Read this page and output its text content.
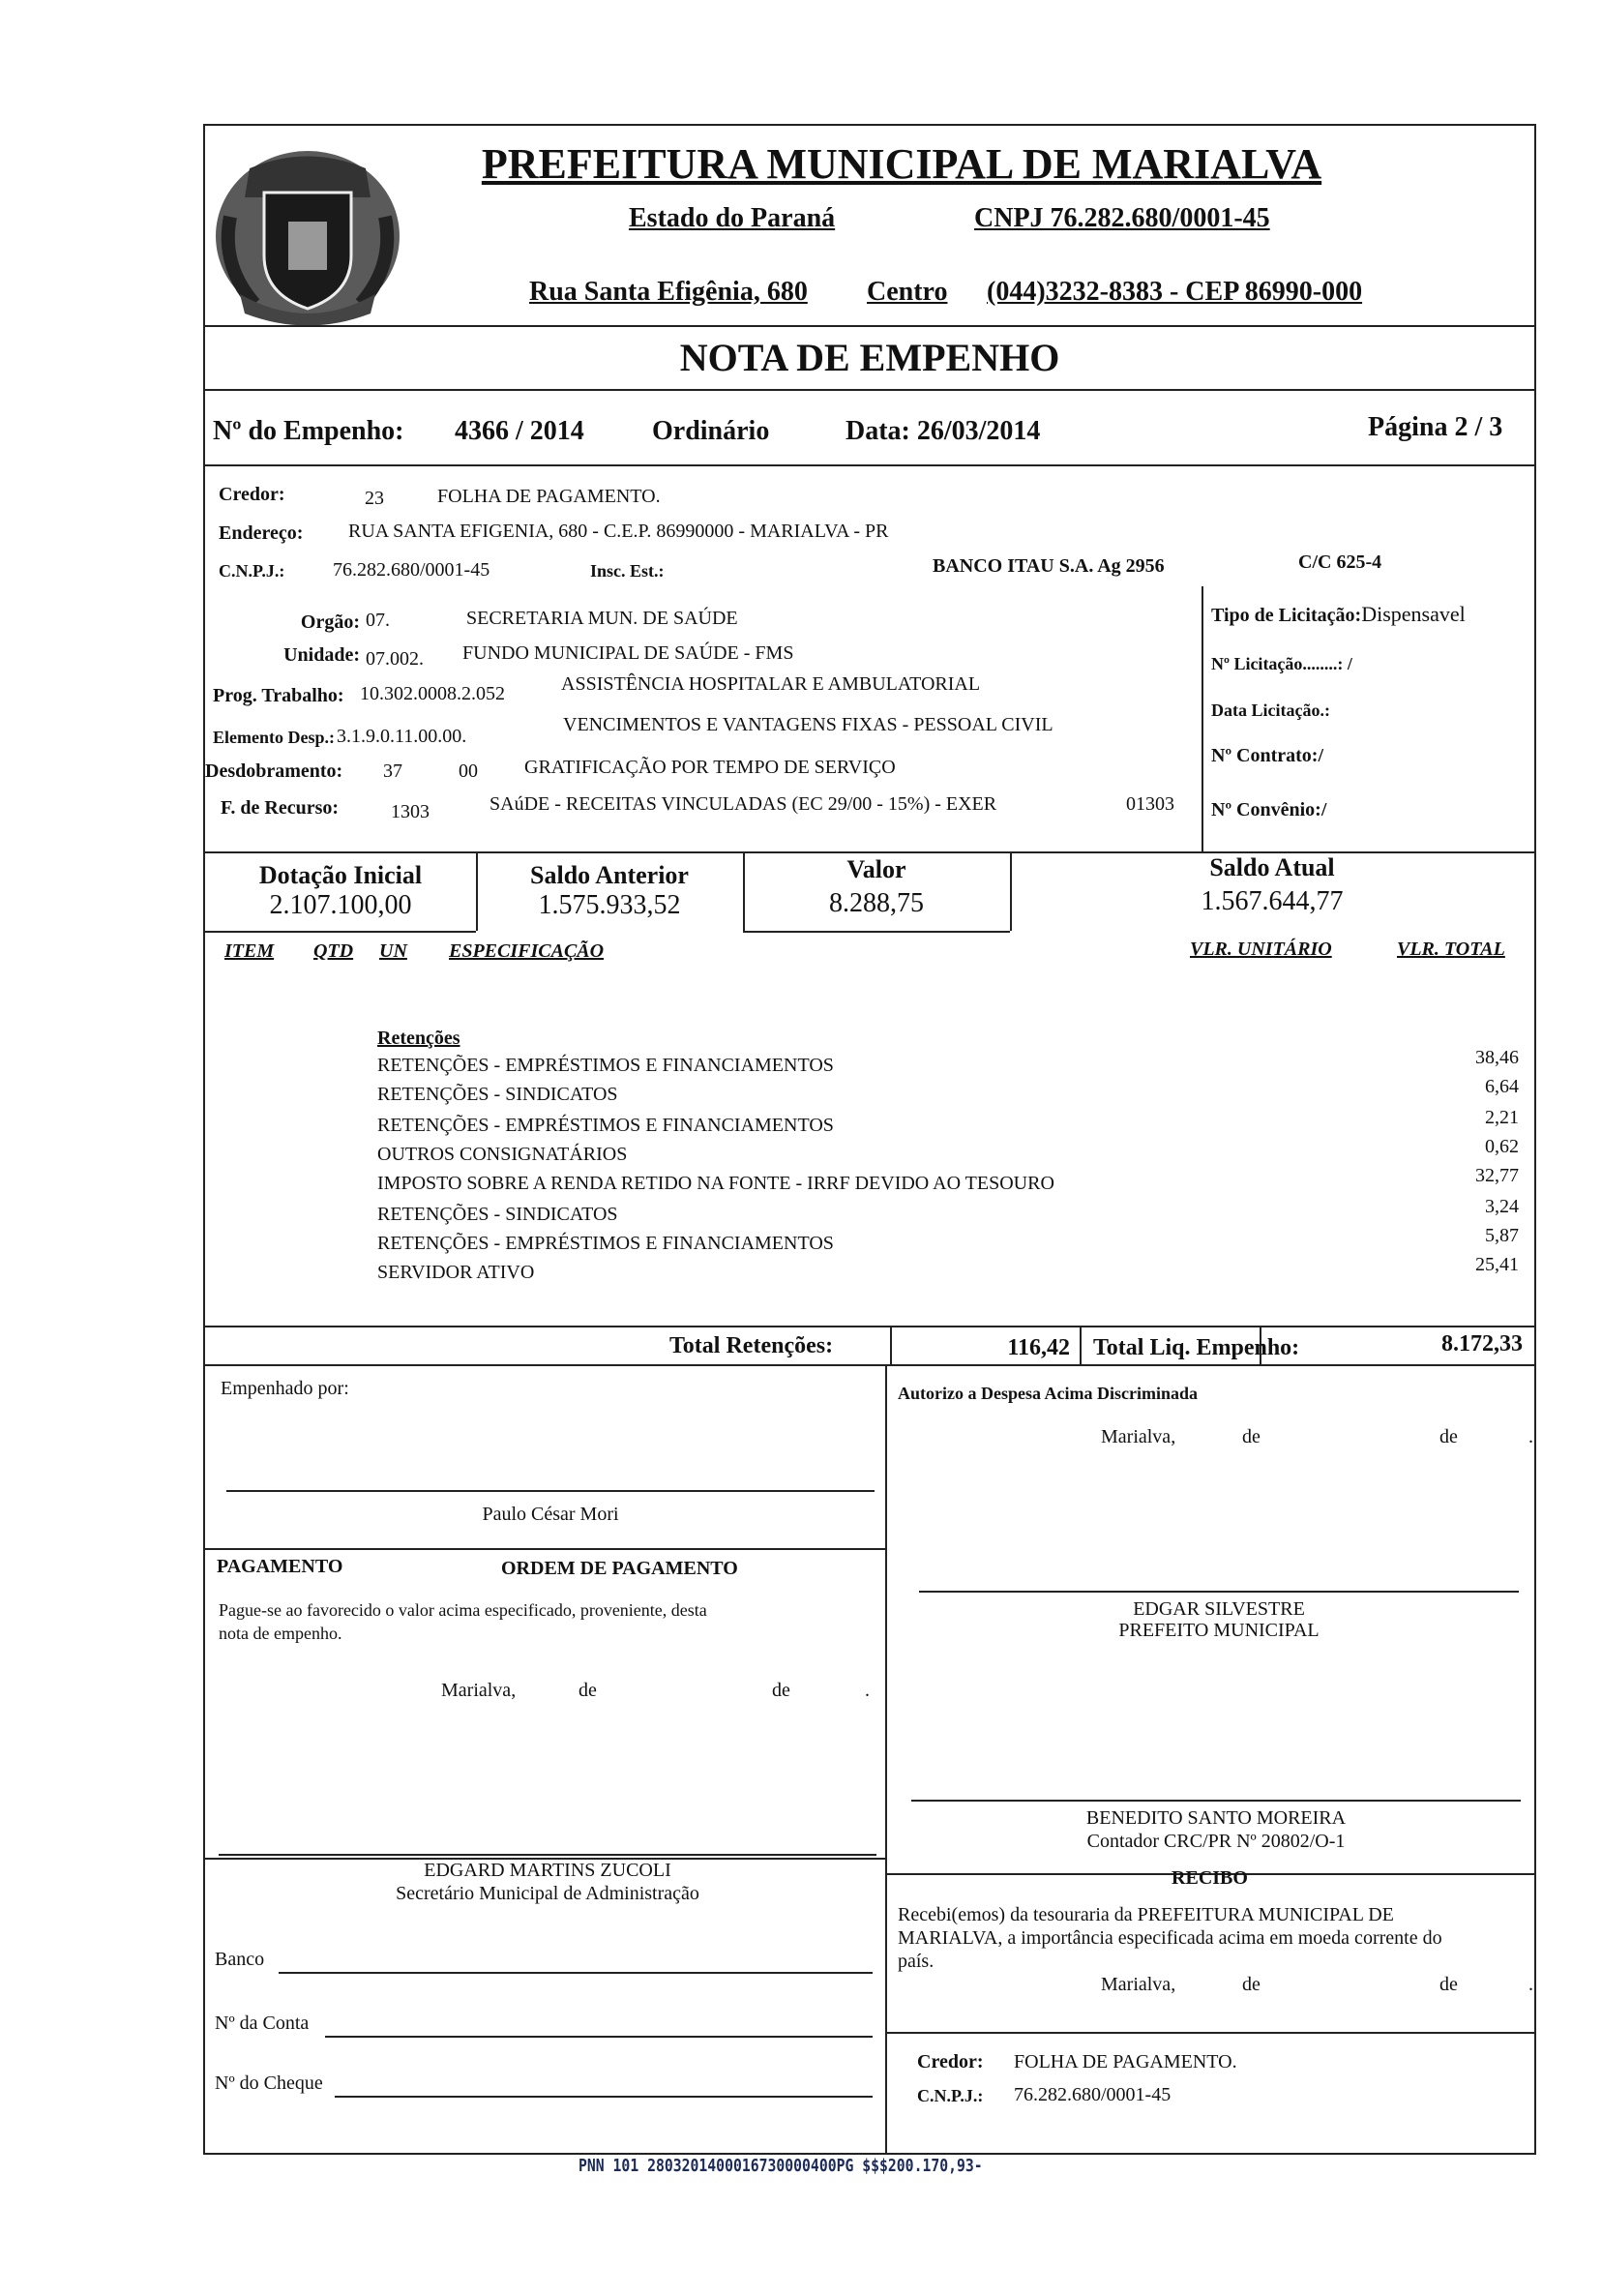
PREFEITURA MUNICIPAL DE MARIALVA
Estado do Paraná	CNPJ 76.282.680/0001-45
Rua Santa Efigênia, 680 Centro (044)3232-8383 - CEP 86990-000
NOTA DE EMPENHO
Nº do Empenho: 4366 / 2014	Ordinário	Data: 26/03/2014	Página 2 / 3
Credor:	23	FOLHA DE PAGAMENTO.
Endereço: RUA SANTA EFIGENIA, 680 - C.E.P. 86990000 - MARIALVA - PR
C.N.P.J.: 76.282.680/0001-45	Insc. Est.:	BANCO ITAU S.A. Ag 2956	C/C 625-4
Orgão: 07.	SECRETARIA MUN. DE SAÚDE
Unidade: 07.002. FUNDO MUNICIPAL DE SAÚDE - FMS
Prog. Trabalho: 10.302.0008.2.052	ASSISTÊNCIA HOSPITALAR E AMBULATORIAL
Elemento Desp.: 3.1.9.0.11.00.00.
VENCIMENTOS E VANTAGENS FIXAS - PESSOAL CIVIL
Desdobramento: 37	00 GRATIFICAÇÃO POR TEMPO DE SERVIÇO
F. de Recurso:	1303	SAúDE - RECEITAS VINCULADAS (EC 29/00 - 15%) - EXER	01303
Tipo de Licitação:Dispensavel
Nº Licitação........: /
Data Licitação.:
Nº Contrato:/
Nº Convênio:/
Dotação Inicial
2.107.100,00
Saldo Anterior
1.575.933,52
Valor
8.288,75
Saldo Atual
1.567.644,77
ITEM QTD UN ESPECIFICAÇÃO	VLR. UNITÁRIO	VLR. TOTAL
Retenções
RETENÇÕES - EMPRÉSTIMOS E FINANCIAMENTOS	38,46
RETENÇÕES - SINDICATOS	6,64
RETENÇÕES - EMPRÉSTIMOS E FINANCIAMENTOS	2,21
OUTROS CONSIGNATÁRIOS	0,62
IMPOSTO SOBRE A RENDA RETIDO NA FONTE - IRRF DEVIDO AO TESOURO	32,77
RETENÇÕES - SINDICATOS	3,24
RETENÇÕES - EMPRÉSTIMOS E FINANCIAMENTOS	5,87
SERVIDOR ATIVO	25,41
Total Retenções:	116,42 Total Liq. Empenho:	8.172,33
Empenhado por:
Paulo César Mori
Autorizo a Despesa Acima Discriminada
Marialva,	de	de	.
PAGAMENTO	ORDEM DE PAGAMENTO
Pague-se ao favorecido o valor acima especificado, proveniente, desta
nota de empenho.
Marialva,	de	de	.
EDGAR SILVESTRE
PREFEITO MUNICIPAL
BENEDITO SANTO MOREIRA
Contador CRC/PR Nº 20802/O-1
EDGARD MARTINS ZUCOLI
Secretário Municipal de Administração
RECIBO
Recebi(emos) da tesouraria da PREFEITURA MUNICIPAL DE
MARIALVA, a importância especificada acima em moeda corrente do
país.
Marialva,	de	de	.
Banco
Nº da Conta
Nº do Cheque
Credor: FOLHA DE PAGAMENTO.
C.N.P.J.: 76.282.680/0001-45
PNN 101 2803201400016730000400PG $$$200.170,93-
